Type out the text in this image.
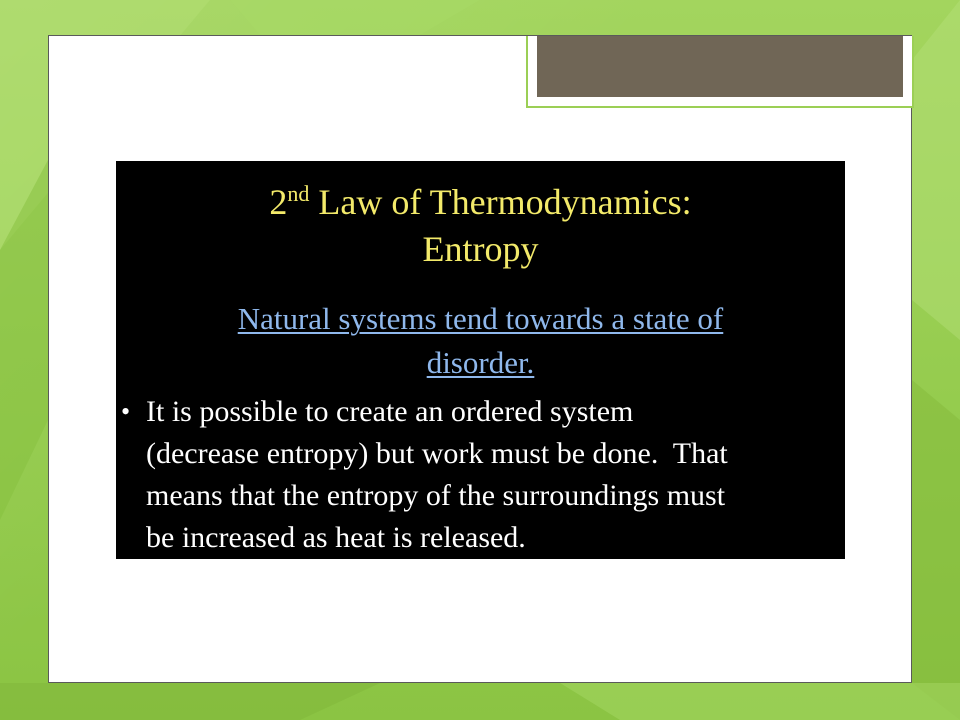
2nd Law of Thermodynamics:
Entropy
Natural systems tend towards a state of
disorder.
• It is possible to create an ordered system
(decrease entropy) but work must be done.  That
means that the entropy of the surroundings must
be increased as heat is released.
